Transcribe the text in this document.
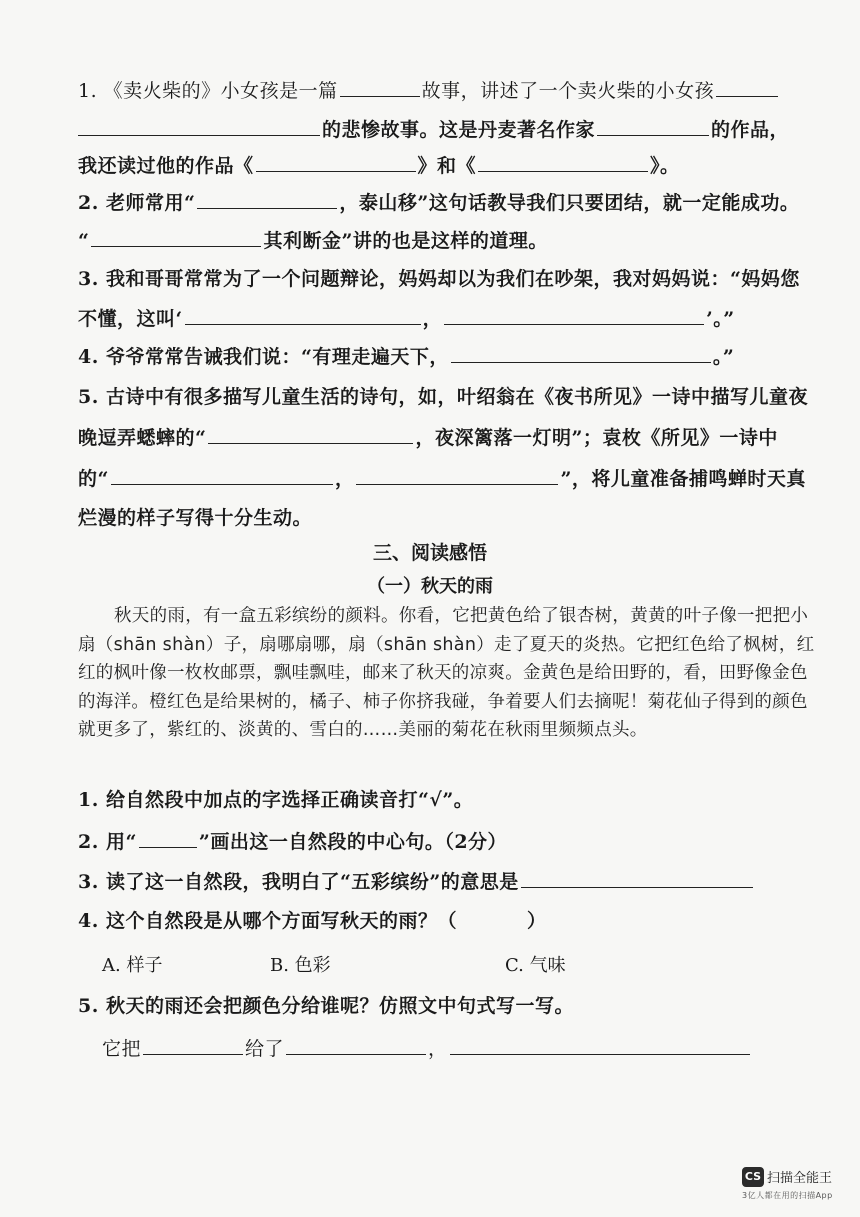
1. 《卖火柴的》小女孩是一篇	故事，讲述了一个卖火柴的小女孩
的悲惨故事。这是丹麦著名作家	的作品，
我还读过他的作品《	》和《	》。
2. 老师常用“	，泰山移”这句话教导我们只要团结，就一定能成功。
“	其利断金”讲的也是这样的道理。
3. 我和哥哥常常为了一个问题辩论，妈妈却以为我们在吵架，我对妈妈说：“妈妈您
不懂，这叫‘	，	’。”
4. 爷爷常常告诫我们说：“有理走遍天下，	。”
5. 古诗中有很多描写儿童生活的诗句，如，叶绍翁在《夜书所见》一诗中描写儿童夜
晚逗弄蟋蟀的“	，夜深篱落一灯明”；袁枚《所见》一诗中
的“	，	”，将儿童准备捕鸣蝉时天真
烂漫的样子写得十分生动。
三、阅读感悟
（一）秋天的雨
秋天的雨，有一盒五彩缤纷的颜料。你看，它把黄色给了银杏树，黄黄的叶子像一把把小扇（shān shàn）子，扇哪扇哪，扇（shān shàn）走了夏天的炎热。它把红色给了枫树，红红的枫叶像一枚枚邮票，飘哇飘哇，邮来了秋天的凉爽。金黄色是给田野的，看，田野像金色的海洋。橙红色是给果树的，橘子、柿子你挤我碰，争着要人们去摘呢！菊花仙子得到的颜色就更多了，紫红的、淡黄的、雪白的……美丽的菊花在秋雨里频频点头。
1. 给自然段中加点的字选择正确读音打“√”。
2. 用“	”画出这一自然段的中心句。（2分）
3. 读了这一自然段，我明白了“五彩缤纷”的意思是
4. 这个自然段是从哪个方面写秋天的雨？（	）
A. 样子	B. 色彩	C. 气味
5. 秋天的雨还会把颜色分给谁呢？仿照文中句式写一写。
它把	给了	，
CS 扫描全能王
3亿人都在用的扫描App
